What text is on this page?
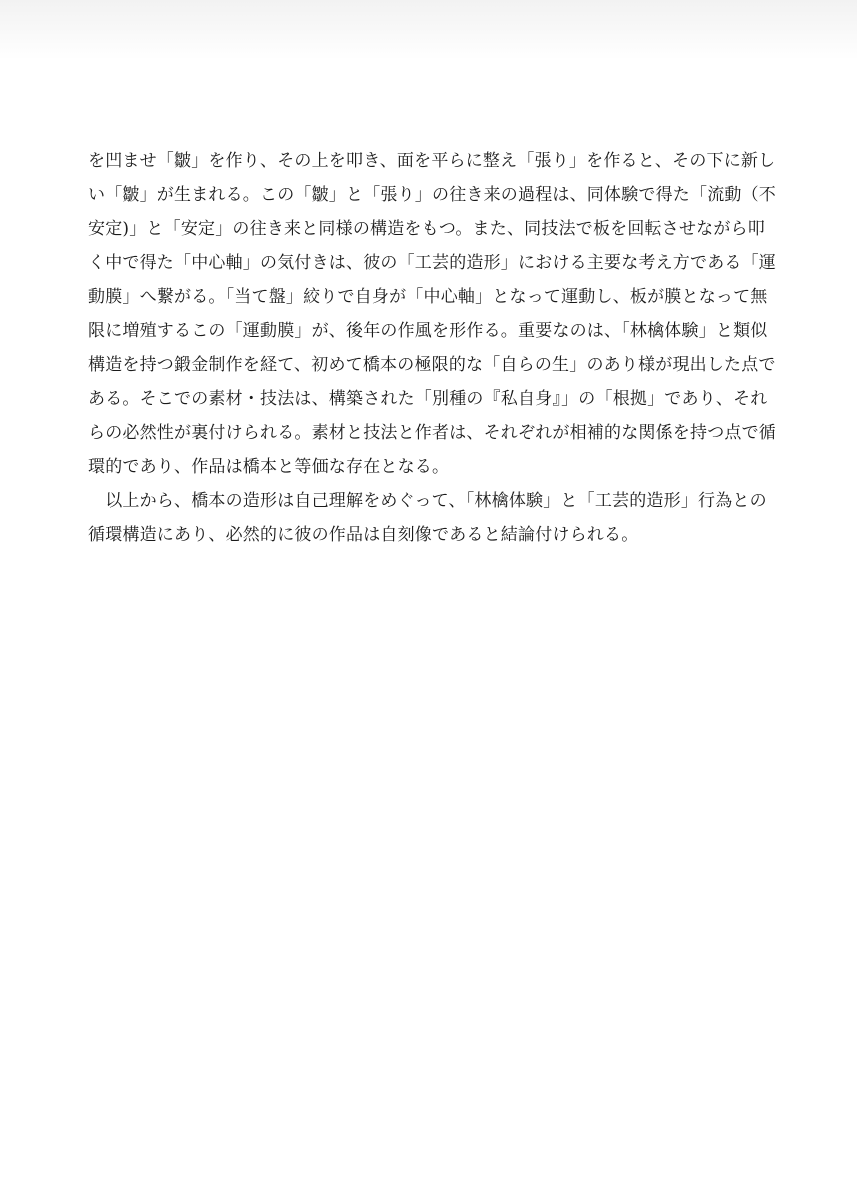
を凹ませ「皺」を作り、その上を叩き、面を平らに整え「張り」を作ると、その下に新し
い「皺」が生まれる。この「皺」と「張り」の往き来の過程は、同体験で得た「流動（不
安定)」と「安定」の往き来と同様の構造をもつ。また、同技法で板を回転させながら叩
く中で得た「中心軸」の気付きは、彼の「工芸的造形」における主要な考え方である「運
動膜」へ繋がる。「当て盤」絞りで自身が「中心軸」となって運動し、板が膜となって無
限に増殖するこの「運動膜」が、後年の作風を形作る。重要なのは、「林檎体験」と類似
構造を持つ鍛金制作を経て、初めて橋本の極限的な「自らの生」のあり様が現出した点で
ある。そこでの素材・技法は、構築された「別種の『私自身』」の「根拠」であり、それ
らの必然性が裏付けられる。素材と技法と作者は、それぞれが相補的な関係を持つ点で循
環的であり、作品は橋本と等価な存在となる。
　以上から、橋本の造形は自己理解をめぐって、「林檎体験」と「工芸的造形」行為との
循環構造にあり、必然的に彼の作品は自刻像であると結論付けられる。
